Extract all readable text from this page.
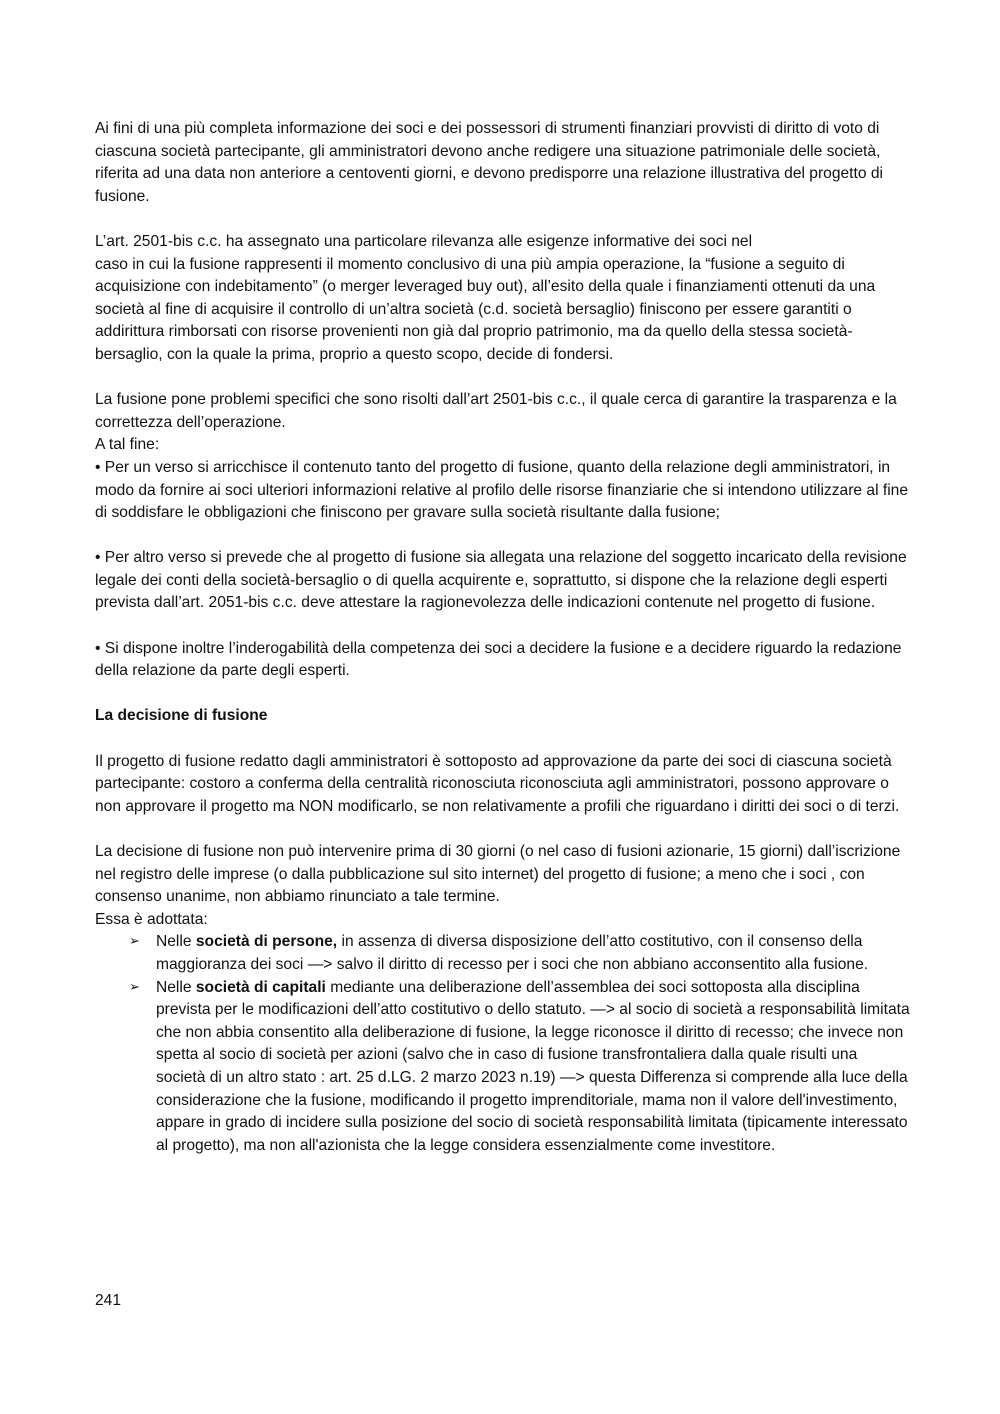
Ai fini di una più completa informazione dei soci e dei possessori di strumenti finanziari provvisti di diritto di voto di ciascuna società partecipante, gli amministratori devono anche redigere una situazione patrimoniale delle società, riferita ad una data non anteriore a centoventi giorni, e devono predisporre una relazione illustrativa del progetto di fusione.

L’art. 2501-bis c.c. ha assegnato una particolare rilevanza alle esigenze informative dei soci nel

caso in cui la fusione rappresenti il momento conclusivo di una più ampia operazione, la “fusione a seguito di acquisizione con indebitamento” (o merger leveraged buy out), all’esito della quale i finanziamenti ottenuti da una società al fine di acquisire il controllo di un’altra società (c.d. società bersaglio) finiscono per essere garantiti o addirittura rimborsati con risorse provenienti non già dal proprio patrimonio, ma da quello della stessa società-bersaglio, con la quale la prima, proprio a questo scopo, decide di fondersi.

La fusione pone problemi specifici che sono risolti dall’art 2501-bis c.c., il quale cerca di garantire la trasparenza e la correttezza dell’operazione.

A tal fine:

• Per un verso si arricchisce il contenuto tanto del progetto di fusione, quanto della relazione degli amministratori, in modo da fornire ai soci ulteriori informazioni relative al profilo delle risorse finanziarie che si intendono utilizzare al fine di soddisfare le obbligazioni che finiscono per gravare sulla società risultante dalla fusione;

• Per altro verso si prevede che al progetto di fusione sia allegata una relazione del soggetto incaricato della revisione legale dei conti della società-bersaglio o di quella acquirente e, soprattutto, si dispone che la relazione degli esperti prevista dall’art. 2051-bis c.c. deve attestare la ragionevolezza delle indicazioni contenute nel progetto di fusione.

• Si dispone inoltre l’inderogabilità della competenza dei soci a decidere la fusione e a decidere riguardo la redazione della relazione da parte degli esperti.

La decisione di fusione

Il progetto di fusione redatto dagli amministratori è sottoposto ad approvazione da parte dei soci di ciascuna società partecipante: costoro a conferma della centralità riconosciuta riconosciuta agli amministratori, possono approvare o non approvare il progetto ma NON modificarlo, se non relativamente a profili che riguardano i diritti dei soci o di terzi.

La decisione di fusione non può intervenire prima di 30 giorni (o nel caso di fusioni azionarie, 15 giorni) dall’iscrizione nel registro delle imprese (o dalla pubblicazione sul sito internet) del progetto di fusione; a meno che i soci , con consenso unanime, non abbiamo rinunciato a tale termine.

Essa è adottata:

➢ Nelle società di persone, in assenza di diversa disposizione dell’atto costitutivo, con il consenso della maggioranza dei soci —> salvo il diritto di recesso per i soci che non abbiano acconsentito alla fusione.
➢ Nelle società di capitali mediante una deliberazione dell’assemblea dei soci sottoposta alla disciplina prevista per le modificazioni dell’atto costitutivo o dello statuto. —> al socio di società a responsabilità limitata che non abbia consentito alla deliberazione di fusione, la legge riconosce il diritto di recesso; che invece non spetta al socio di società per azioni (salvo che in caso di fusione transfrontaliera dalla quale risulti una società di un altro stato : art. 25 d.LG. 2 marzo 2023 n.19) —> questa Differenza si comprende alla luce della considerazione che la fusione, modificando il progetto imprenditoriale, mama non il valore dell'investimento, appare in grado di incidere sulla posizione del socio di società responsabilità limitata (tipicamente interessato al progetto), ma non all'azionista che la legge considera essenzialmente come investitore.
241
